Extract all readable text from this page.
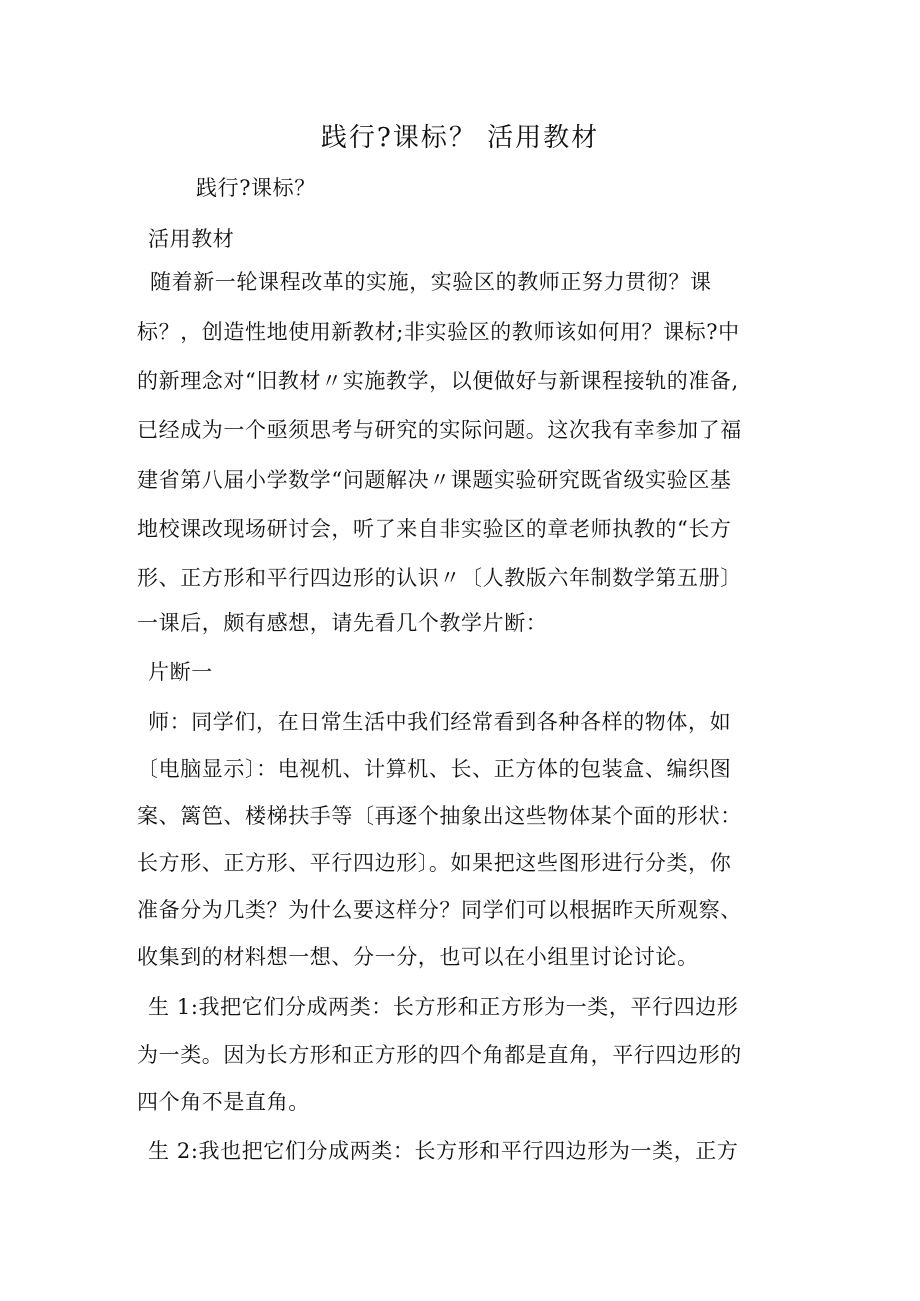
践行?课标？ 活用教材
践行?课标？
活用教材
随着新一轮课程改革的实施，实验区的教师正努力贯彻？课
标？，创造性地使用新教材;非实验区的教师该如何用？课标?中
的新理念对“旧教材〃实施教学，以便做好与新课程接轨的准备,
已经成为一个亟须思考与研究的实际问题。这次我有幸参加了福
建省第八届小学数学“问题解决〃课题实验研究既省级实验区基
地校课改现场研讨会，听了来自非实验区的章老师执教的“长方
形、正方形和平行四边形的认识〃〔人教版六年制数学第五册〕
一课后，颇有感想，请先看几个教学片断：
片断一
师：同学们，在日常生活中我们经常看到各种各样的物体，如
〔电脑显示〕：电视机、计算机、长、正方体的包装盒、编织图
案、篱笆、楼梯扶手等〔再逐个抽象出这些物体某个面的形状：
长方形、正方形、平行四边形〕。如果把这些图形进行分类，你
准备分为几类？为什么要这样分？同学们可以根据昨天所观察、
收集到的材料想一想、分一分，也可以在小组里讨论讨论。
生 1:我把它们分成两类：长方形和正方形为一类，平行四边形
为一类。因为长方形和正方形的四个角都是直角，平行四边形的
四个角不是直角。
生 2:我也把它们分成两类：长方形和平行四边形为一类，正方
